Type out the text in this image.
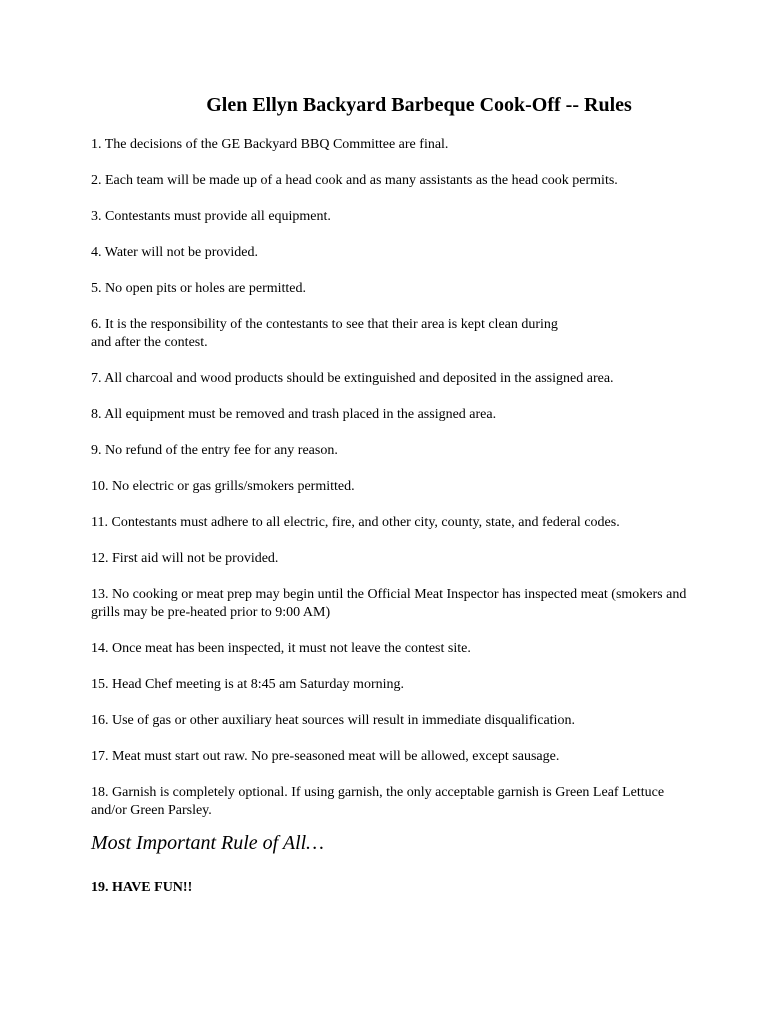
Glen Ellyn Backyard Barbeque Cook-Off -- Rules
1. The decisions of the GE Backyard BBQ Committee are final.
2. Each team will be made up of a head cook and as many assistants as the head cook permits.
3. Contestants must provide all equipment.
4. Water will not be provided.
5. No open pits or holes are permitted.
6. It is the responsibility of the contestants to see that their area is kept clean during
and after the contest.
7. All charcoal and wood products should be extinguished and deposited in the assigned area.
8. All equipment must be removed and trash placed in the assigned area.
9. No refund of the entry fee for any reason.
10. No electric or gas grills/smokers permitted.
11. Contestants must adhere to all electric, fire, and other city, county, state, and federal codes.
12. First aid will not be provided.
13. No cooking or meat prep may begin until the Official Meat Inspector has inspected meat (smokers and
grills may be pre-heated prior to 9:00 AM)
14. Once meat has been inspected, it must not leave the contest site.
15. Head Chef meeting is at 8:45 am Saturday morning.
16. Use of gas or other auxiliary heat sources will result in immediate disqualification.
17. Meat must start out raw. No pre-seasoned meat will be allowed, except sausage.
18. Garnish is completely optional. If using garnish, the only acceptable garnish is Green Leaf Lettuce
and/or Green Parsley.
Most Important Rule of All…

19. HAVE FUN!!
